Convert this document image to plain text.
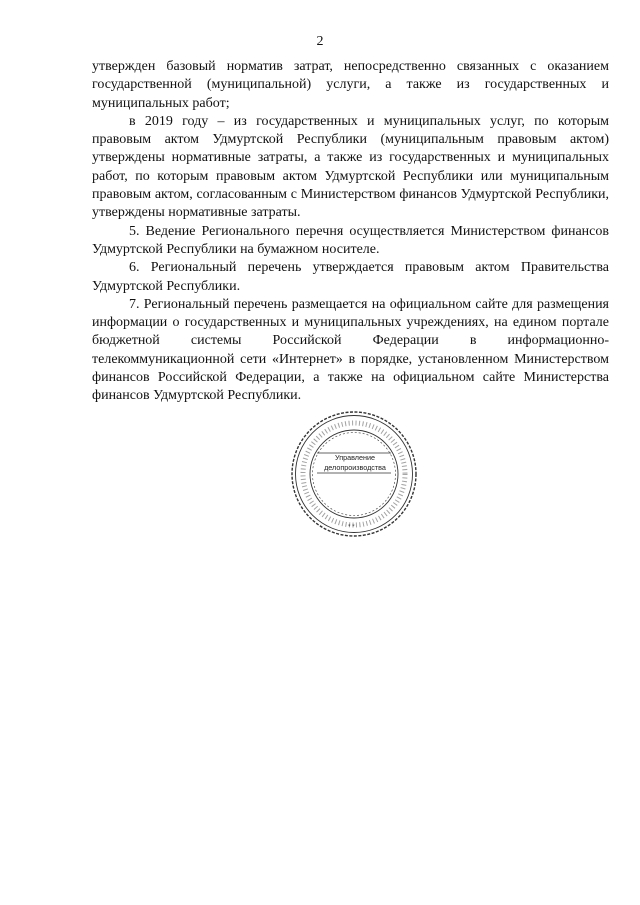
2

утвержден базовый норматив затрат, непосредственно связанных с оказанием государственной (муниципальной) услуги, а также из государственных и муниципальных работ;

в 2019 году – из государственных и муниципальных услуг, по которым правовым актом Удмуртской Республики (муниципальным правовым актом) утверждены нормативные затраты, а также из государственных и муниципальных работ, по которым правовым актом Удмуртской Республики или муниципальным правовым актом, согласованным с Министерством финансов Удмуртской Республики, утверждены нормативные затраты.

5. Ведение Регионального перечня осуществляется Министерством финансов Удмуртской Республики на бумажном носителе.

6. Региональный перечень утверждается правовым актом Правительства Удмуртской Республики.

7. Региональный перечень размещается на официальном сайте для размещения информации о государственных и муниципальных учреждениях, на едином портале бюджетной системы Российской Федерации в информационно-телекоммуникационной сети «Интернет» в порядке, установленном Министерством финансов Российской Федерации, а также на официальном сайте Министерства финансов Удмуртской Республики.

* *
Управление
делопроизводства
